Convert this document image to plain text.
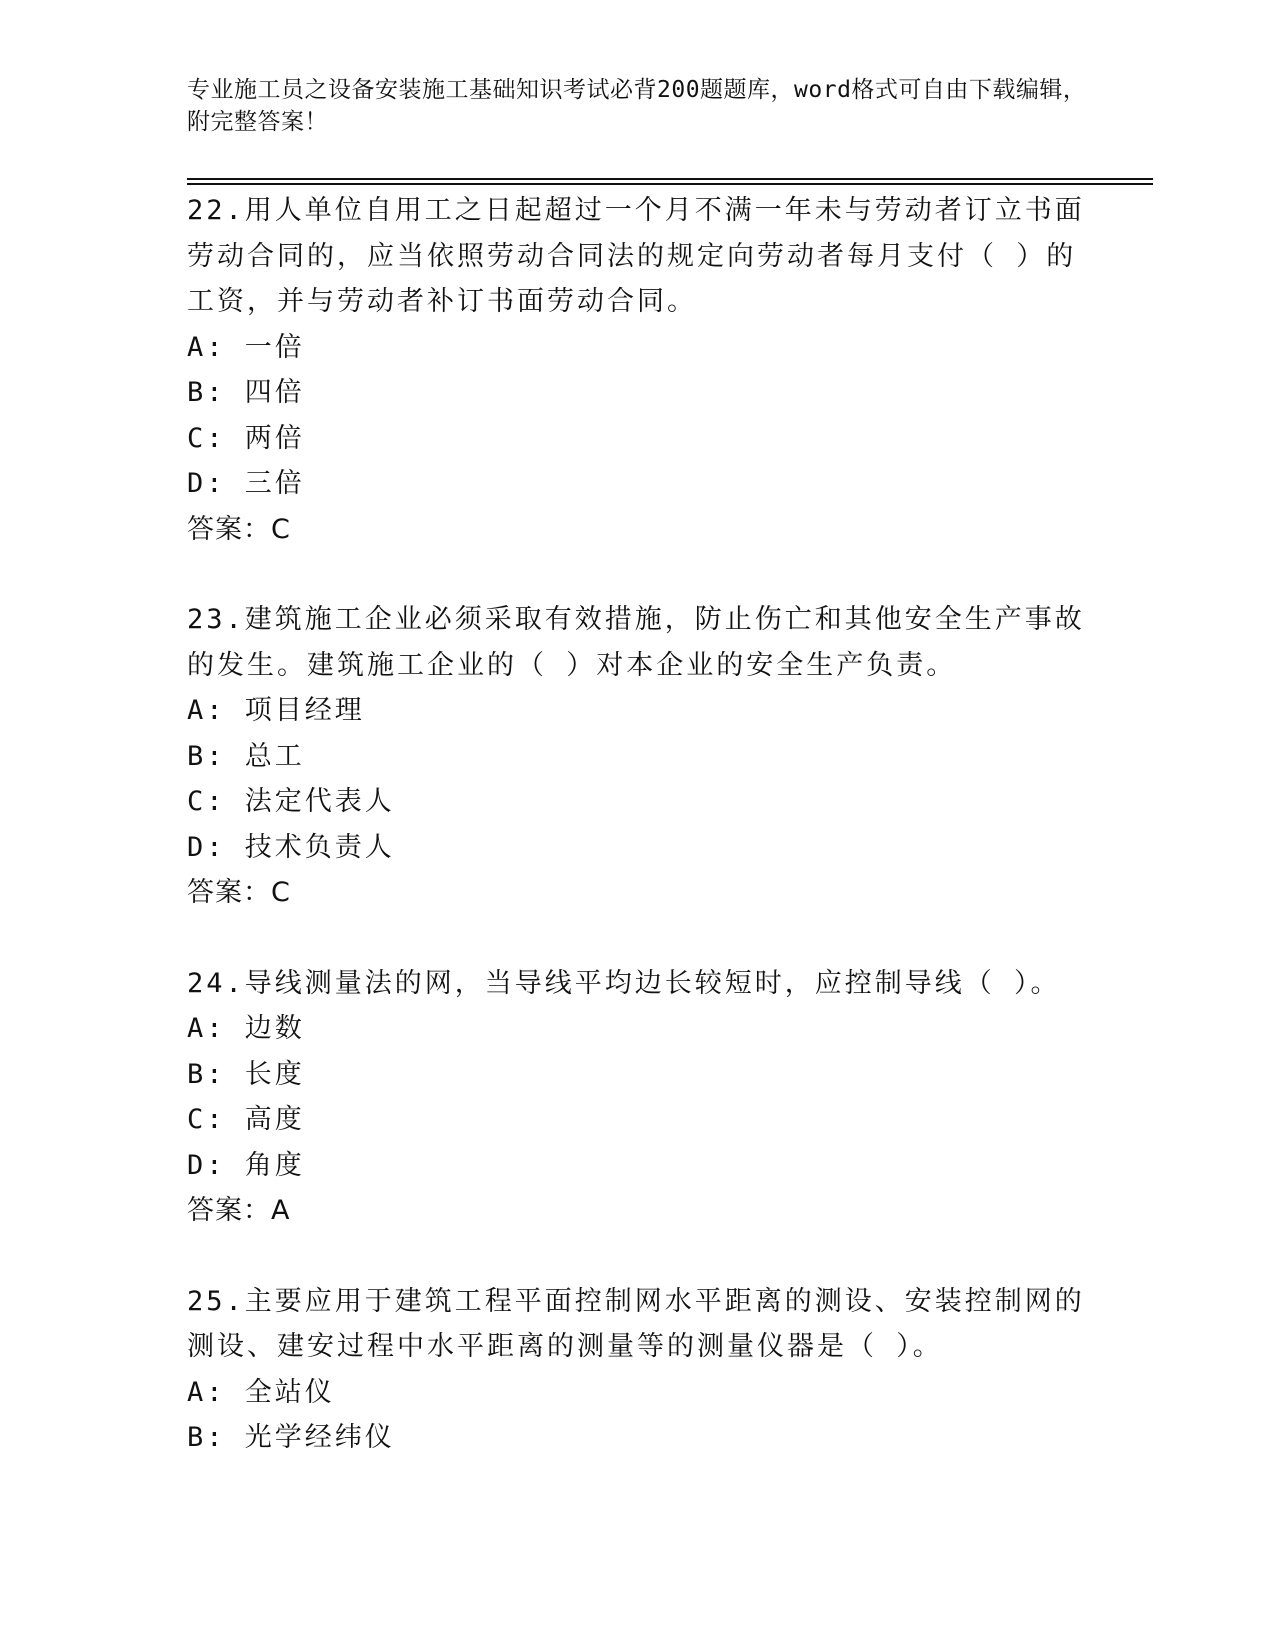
专业施工员之设备安装施工基础知识考试必背200题题库，word格式可自由下载编辑，附完整答案！

22.用人单位自用工之日起超过一个月不满一年未与劳动者订立书面劳动合同的，应当依照劳动合同法的规定向劳动者每月支付（ ）的工资，并与劳动者补订书面劳动合同。

A: 一倍
B: 四倍
C: 两倍
D: 三倍
答案：C

23.建筑施工企业必须采取有效措施，防止伤亡和其他安全生产事故的发生。建筑施工企业的（ ）对本企业的安全生产负责。

A: 项目经理
B: 总工
C: 法定代表人
D: 技术负责人
答案：C

24.导线测量法的网，当导线平均边长较短时，应控制导线（ ）。

A: 边数
B: 长度
C: 高度
D: 角度
答案：A

25.主要应用于建筑工程平面控制网水平距离的测设、安装控制网的测设、建安过程中水平距离的测量等的测量仪器是（ ）。

A: 全站仪
B: 光学经纬仪
